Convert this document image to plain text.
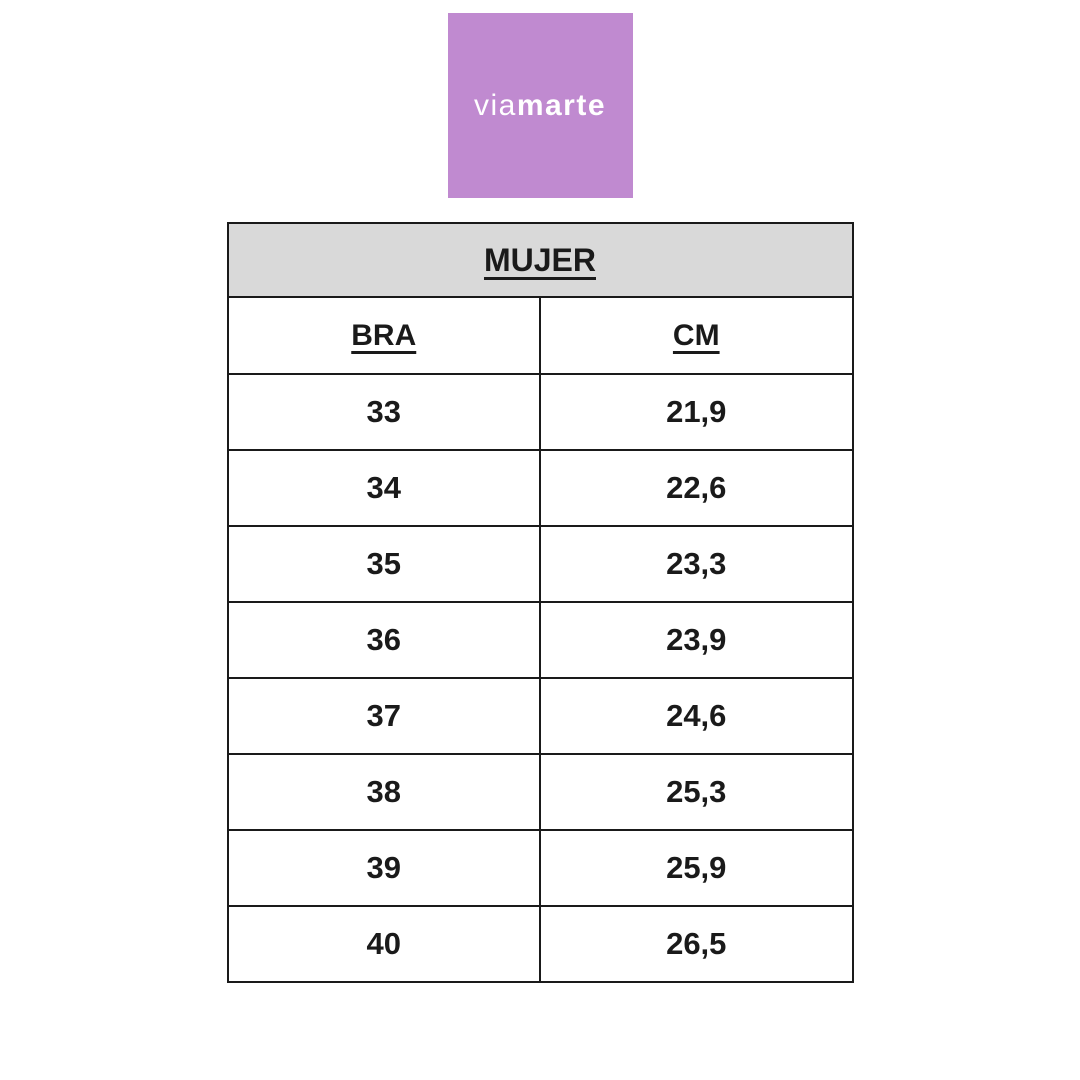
viamarte
MUJER	
BRA	CM
33	21,9
34	22,6
35	23,3
36	23,9
37	24,6
38	25,3
39	25,9
40	26,5
